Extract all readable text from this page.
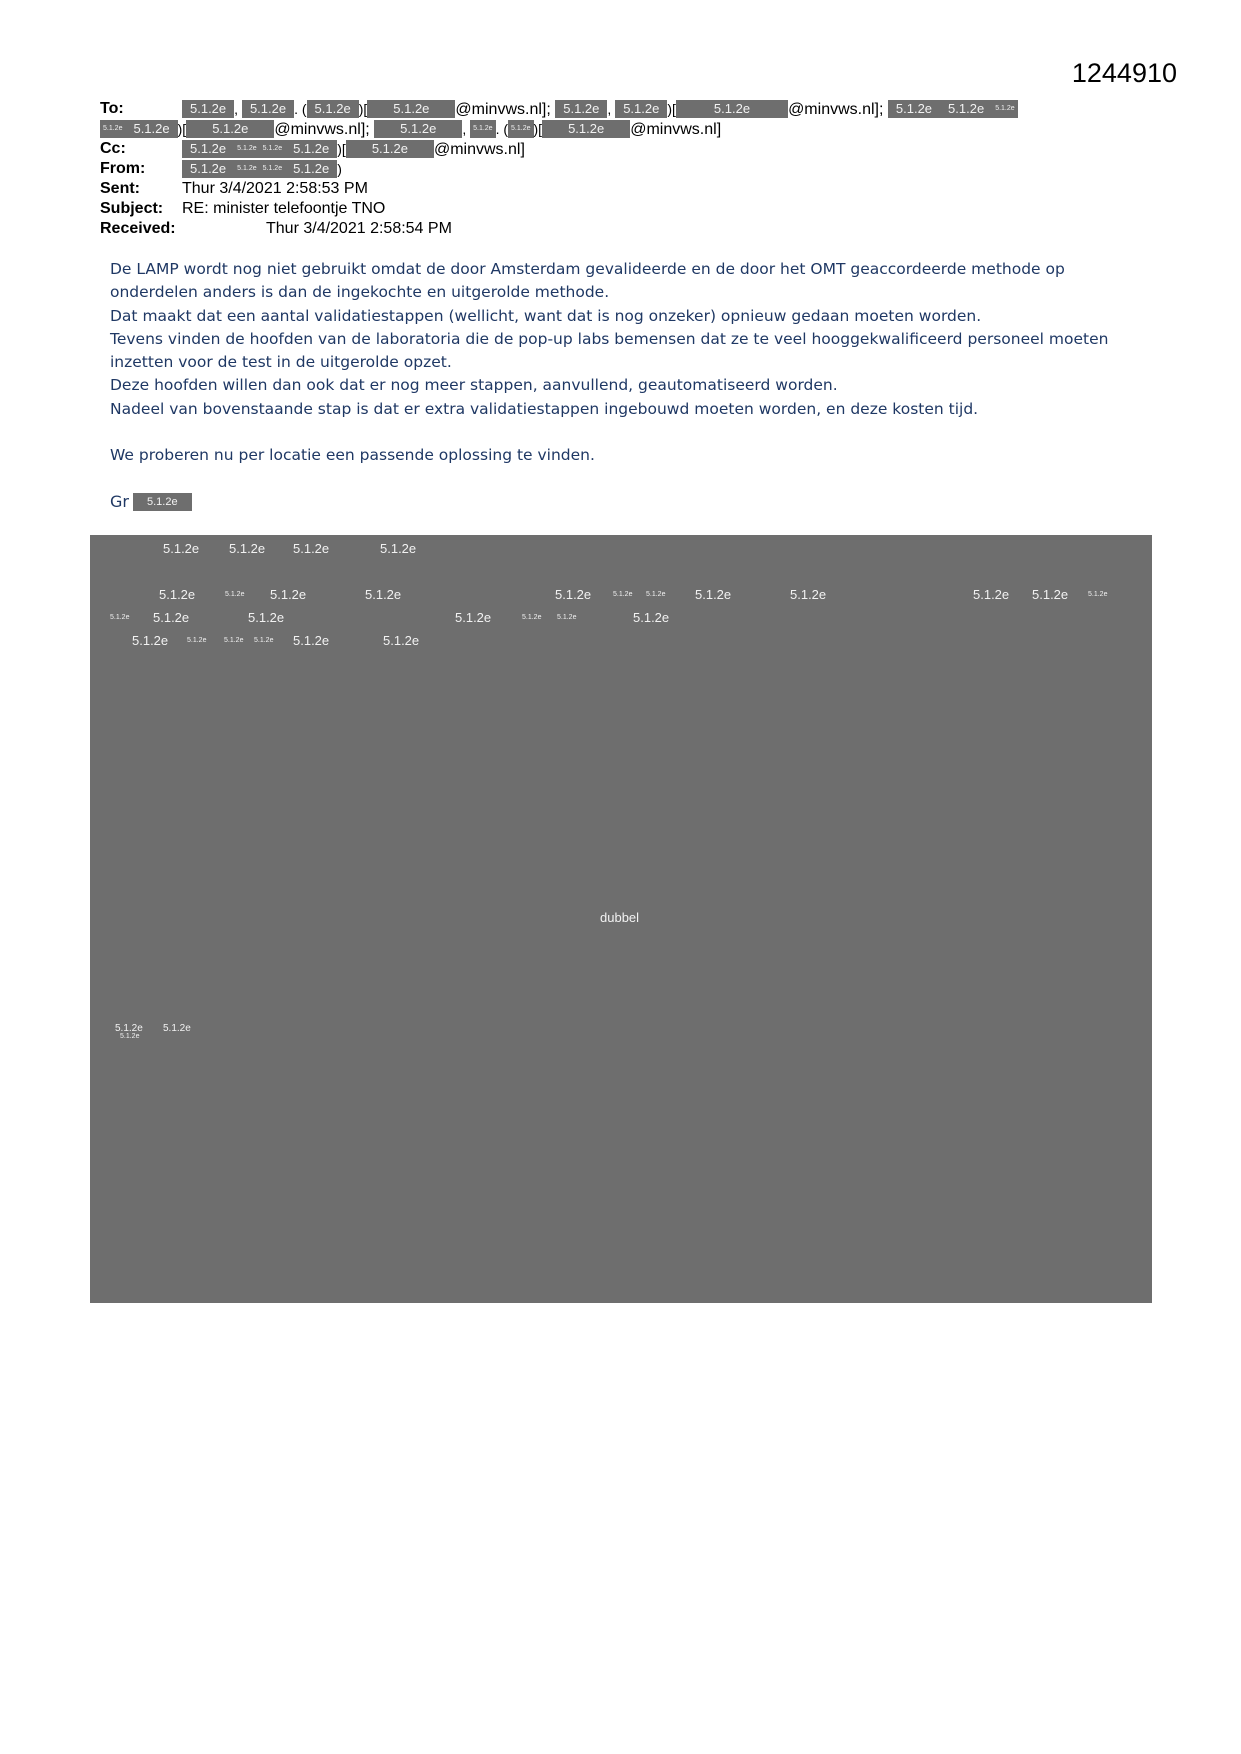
1244910
To:	5.1.2e , 5.1.2e . ( 5.1.2e )[ 5.1.2e @minvws.nl]; 5.1.2e , 5.1.2e )[	5.1.2e @minvws.nl]; 5.1.2e 5.1.2e 5.1.2e
5.1.2e 5.1.2e )[ 5.1.2e @minvws.nl]; 5.1.2e , 5.1.2e . ( 5.1.2e )[ 5.1.2e @minvws.nl]
Cc:	5.1.2e 5.1.2e 5.1.2e 5.1.2e )[ 5.1.2e @minvws.nl]
From:	5.1.2e 5.1.2e 5.1.2e 5.1.2e )
Sent:	Thur 3/4/2021 2:58:53 PM
Subject: RE: minister telefoontje TNO
Received:	Thur 3/4/2021 2:58:54 PM

De LAMP wordt nog niet gebruikt omdat de door Amsterdam gevalideerde en de door het OMT geaccordeerde methode op

onderdelen anders is dan de ingekochte en uitgerolde methode.

Dat maakt dat een aantal validatiestappen (wellicht, want dat is nog onzeker) opnieuw gedaan moeten worden.

Tevens vinden de hoofden van de laboratoria die de pop-up labs bemensen dat ze te veel hooggekwalificeerd personeel moeten

inzetten voor de test in de uitgerolde opzet.

Deze hoofden willen dan ook dat er nog meer stappen, aanvullend, geautomatiseerd worden.

Nadeel van bovenstaande stap is dat er extra validatiestappen ingebouwd moeten worden, en deze kosten tijd.

We proberen nu per locatie een passende oplossing te vinden.

Gr 5.1.2e
5.1.2e 5.1.2e 5.1.2e	5.1.2e
5.1.2e	5.1.2e 5.1.2e	5.1.2e	5.1.2e	5.1.2e 5.1.2e 5.1.2e	5.1.2e	5.1.2e 5.1.2e	5.1.2e
5.1.2e 5.1.2e	5.1.2e	5.1.2e	5.1.2e 5.1.2e	5.1.2e
5.1.2e	5.1.2e	5.1.2e 5.1.2e 5.1.2e	5.1.2e
dubbel
5.1.2e
5.1.2e
5.1.2e
